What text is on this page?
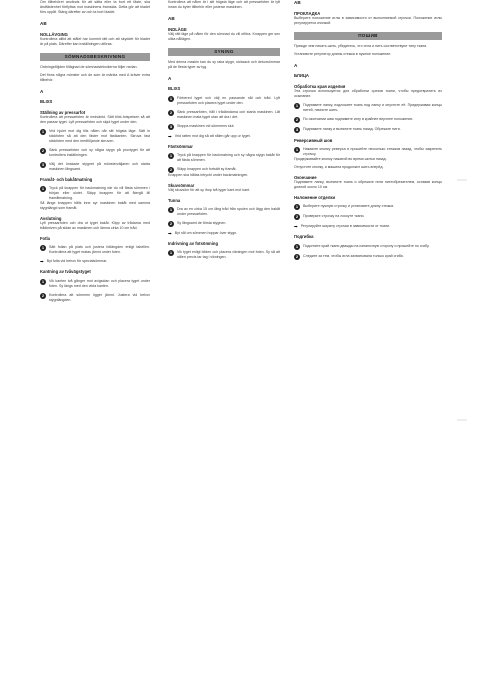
Om tillbehöret används för att sätta eller ta bort ett fäste, ska ändfästenhet förflyttas mot maskinens framsida. Detta gör att bladet förs uppåt. Stäng därefter av och ta bort bladet.

AB
NOLLÄVGING

Kontrollera alltid att stålet har kommit rätt och att skyddet för bladet är på plats. Därefter kan inställningen utföras.

SÖMNADSBESKRIVNING

Ordningsföljden tillägnad de sömnadsteknikerna följer nedan.

Det finns några mönster och de som är märkta med A kräver extra tillbehör.

A
BLIXS
Ställning av pressarfot

Kontrollera att pressarfoten är nedsänkt. Sätt blixt-fotspetsen så att den passar tyget. Lyft pressarfoten och skjut tyget under den.

1	Vrid hjulet mot dig tills nålen når sitt högsta läge. Sätt in stickfoten så att den fäster mot fästkanten. Skruva fast stickfoten med den medföljande skruven.

2	Sänk pressarfoten och sy några stygn på provtyget för att kontrollera inställningen.

3	Välj det önskade stygnet på mönsterväljaren och starta maskinen långsamt.

Framåt- och bakåtmatning
1	Tryck på knappen för backmatning när du vill fästa sömmen i början eller slutet. Släpp knappen för att återgå till framåtmatning.

Så länge knappen hålls inne syr maskinen bakåt med samma stygnlängd som framåt.

Avslutning

Lyft pressarfoten och dra ut tyget bakåt. Klipp av trådarna med trådkniven på sidan av maskinen och lämna cirka 10 cm tråd.

Fotla
1	Sätt fotlan på plats och justera fotlängden enligt tabellen. Kontrollera att tyget matas jämnt under foten.

➡ Byt fotla vid behov för specialsömmar.
Kantning av tvåvägstyget
1	Vik kanten två gånger mot avigsidan och placera tyget under foten. Sy längs med den vikta kanten.

2	Kontrollera att sömmen ligger jämnt. Justera vid behov stygnlängden.

Kontrollera att nålen är i sitt högsta läge och att pressarfoten är lyft innan du byter tillbehör eller justerar maskinen.

AB
INDLÄGE

Välj rätt läge på nålen för den sömnad du vill utföra. Knappen ger sex olika nållägen.

SYNING

Med denna maskin kan du sy raka stygn, sicksack och dekorsömmar på de flesta typer av tyg.

A
BLIXS
1	Förbered tyget och välj en passande nål och tråd. Lyft pressarfoten och placera tyget under den.

2	Sänk pressarfoten, håll i trådändarna och starta maskinen. Låt maskinen mata tyget utan att dra i det.

3	Stoppa maskinen vid sömmens slut.

➡ Vrid ratten mot dig så att nålen går upp ur tyget.
Fästsömmar
1	Tryck på knappen för backmatning och sy några stygn bakåt för att fästa sömmen.

2	Släpp knappen och fortsätt sy framåt.

Knappen ska hållas intryckt under backmatningen.

Skuvsömmar

Välj skuvsöm för att sy ihop två tyger kant mot kant.

Tunna
1	Dra av en cirka 15 cm lång tråd från spolen och lägg den bakåt under pressarfoten.

2	Sy långsamt de första stygnen.

➡ Byt nål om sömmen hoppar över stygn.
Indrivning av fotsömning
1	Vik tyget enligt bilden och placera vikningen mot foten. Sy så att nålen precis tar tag i vikningen.

AB
ПРОКЛАДКА

Выберите положение иглы в зависимости от выполняемой строчки. Положение иглы регулируется кнопкой.

ПОШИВ

Прежде чем начать шить, убедитесь, что игла и нить соответствуют типу ткани.

Установите регулятор длины стежка в нужное положение.

A
БЛИЦА
Обработка края изделия

Эта строчка используется для обработки срезов ткани, чтобы предотвратить их осыпание.

1	Поднимите лапку, подложите ткань под лапку и опустите её. Придерживая концы нитей, начните шить.

2	По окончании шва поднимите иглу в крайнее верхнее положение.

3	Поднимите лапку и вытяните ткань назад. Обрежьте нити.

Реверсивный шов
1	Нажмите кнопку реверса и прошейте несколько стежков назад, чтобы закрепить строчку.

Придерживайте кнопку нажатой во время шитья назад.

Отпустите кнопку, и машина продолжит шить вперёд.

Окончание

Поднимите лапку, вытяните ткань и обрежьте нити нитеобрезателем, оставив концы длиной около 10 см.

Наложение отделки
1	Выберите нужную строчку и установите длину стежка.

2	Проверьте строчку на лоскуте ткани.

➡ Регулируйте ширину строчки в зависимости от ткани.
Подгибка
1	Подогните край ткани дважды на изнаночную сторону и прошейте по сгибу.

2	Следите за тем, чтобы игла захватывала только край сгиба.
